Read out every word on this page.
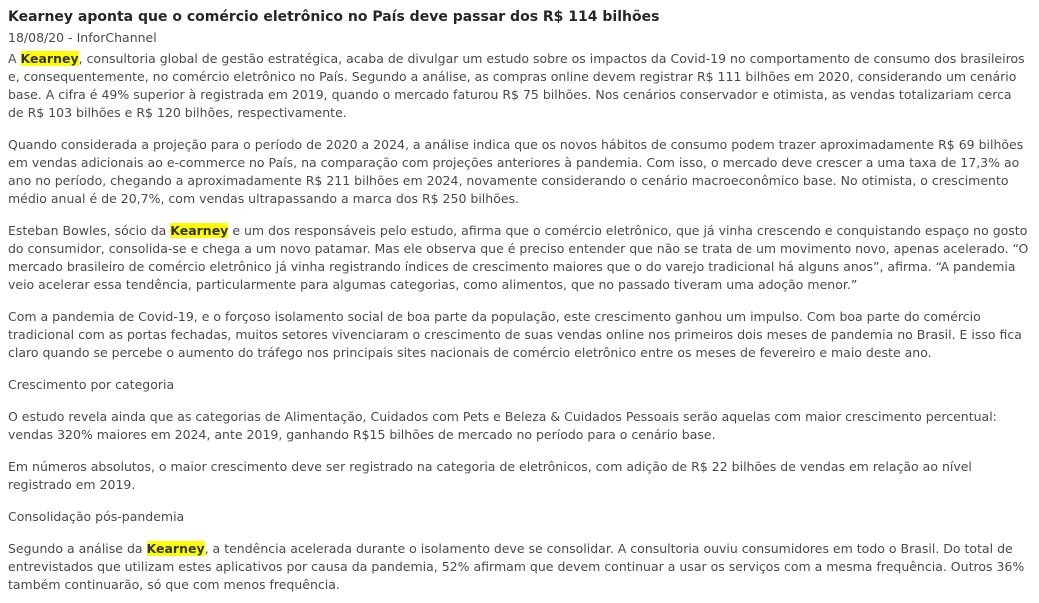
Kearney aponta que o comércio eletrônico no País deve passar dos R$ 114 bilhões
18/08/20 - InforChannel

A Kearney, consultoria global de gestão estratégica, acaba de divulgar um estudo sobre os impactos da Covid-19 no comportamento de consumo dos brasileiros e, consequentemente, no comércio eletrônico no País. Segundo a análise, as compras online devem registrar R$ 111 bilhões em 2020, considerando um cenário base. A cifra é 49% superior à registrada em 2019, quando o mercado faturou R$ 75 bilhões. Nos cenários conservador e otimista, as vendas totalizariam cerca de R$ 103 bilhões e R$ 120 bilhões, respectivamente.

Quando considerada a projeção para o período de 2020 a 2024, a análise indica que os novos hábitos de consumo podem trazer aproximadamente R$ 69 bilhões em vendas adicionais ao e-commerce no País, na comparação com projeções anteriores à pandemia. Com isso, o mercado deve crescer a uma taxa de 17,3% ao ano no período, chegando a aproximadamente R$ 211 bilhões em 2024, novamente considerando o cenário macroeconômico base. No otimista, o crescimento médio anual é de 20,7%, com vendas ultrapassando a marca dos R$ 250 bilhões.

Esteban Bowles, sócio da Kearney e um dos responsáveis pelo estudo, afirma que o comércio eletrônico, que já vinha crescendo e conquistando espaço no gosto do consumidor, consolida-se e chega a um novo patamar. Mas ele observa que é preciso entender que não se trata de um movimento novo, apenas acelerado. “O mercado brasileiro de comércio eletrônico já vinha registrando índices de crescimento maiores que o do varejo tradicional há alguns anos”, afirma. “A pandemia veio acelerar essa tendência, particularmente para algumas categorias, como alimentos, que no passado tiveram uma adoção menor.”

Com a pandemia de Covid-19, e o forçoso isolamento social de boa parte da população, este crescimento ganhou um impulso. Com boa parte do comércio tradicional com as portas fechadas, muitos setores vivenciaram o crescimento de suas vendas online nos primeiros dois meses de pandemia no Brasil. E isso fica claro quando se percebe o aumento do tráfego nos principais sites nacionais de comércio eletrônico entre os meses de fevereiro e maio deste ano.

Crescimento por categoria

O estudo revela ainda que as categorias de Alimentação, Cuidados com Pets e Beleza & Cuidados Pessoais serão aquelas com maior crescimento percentual: vendas 320% maiores em 2024, ante 2019, ganhando R$15 bilhões de mercado no período para o cenário base.

Em números absolutos, o maior crescimento deve ser registrado na categoria de eletrônicos, com adição de R$ 22 bilhões de vendas em relação ao nível registrado em 2019.

Consolidação pós-pandemia

Segundo a análise da Kearney, a tendência acelerada durante o isolamento deve se consolidar. A consultoria ouviu consumidores em todo o Brasil. Do total de entrevistados que utilizam estes aplicativos por causa da pandemia, 52% afirmam que devem continuar a usar os serviços com a mesma frequência. Outros 36% também continuarão, só que com menos frequência.
